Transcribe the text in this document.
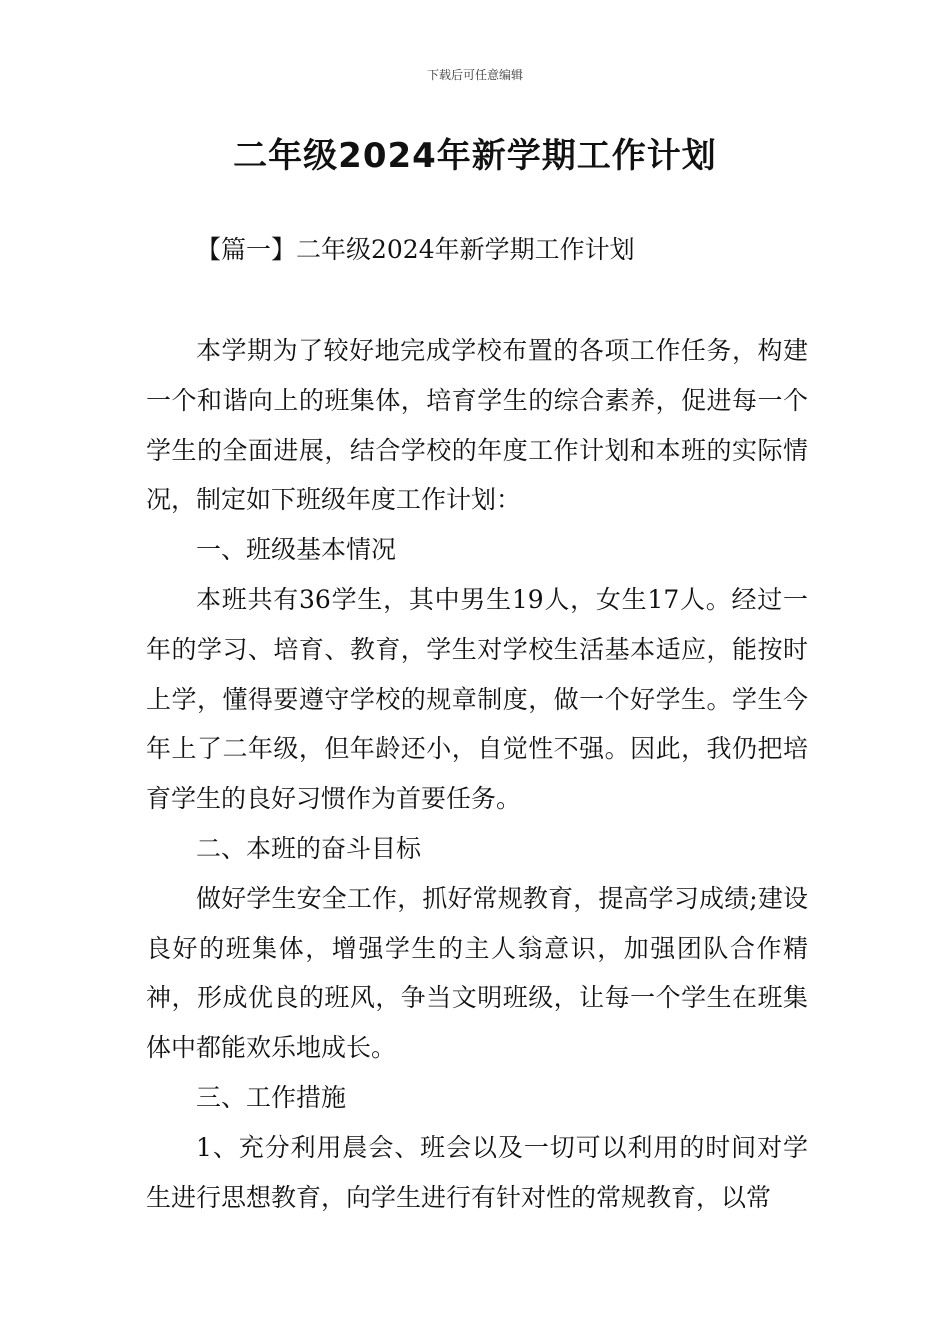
下载后可任意编辑
二年级2024年新学期工作计划
【篇一】二年级2024年新学期工作计划

本学期为了较好地完成学校布置的各项工作任务，构建一个和谐向上的班集体，培育学生的综合素养，促进每一个学生的全面进展，结合学校的年度工作计划和本班的实际情况，制定如下班级年度工作计划：

一、班级基本情况

本班共有36学生，其中男生19人，女生17人。经过一年的学习、培育、教育，学生对学校生活基本适应，能按时上学，懂得要遵守学校的规章制度，做一个好学生。学生今年上了二年级，但年龄还小，自觉性不强。因此，我仍把培育学生的良好习惯作为首要任务。

二、本班的奋斗目标

做好学生安全工作，抓好常规教育，提高学习成绩;建设良好的班集体，增强学生的主人翁意识，加强团队合作精神，形成优良的班风，争当文明班级，让每一个学生在班集体中都能欢乐地成长。

三、工作措施

1、充分利用晨会、班会以及一切可以利用的时间对学生进行思想教育，向学生进行有针对性的常规教育，以常
